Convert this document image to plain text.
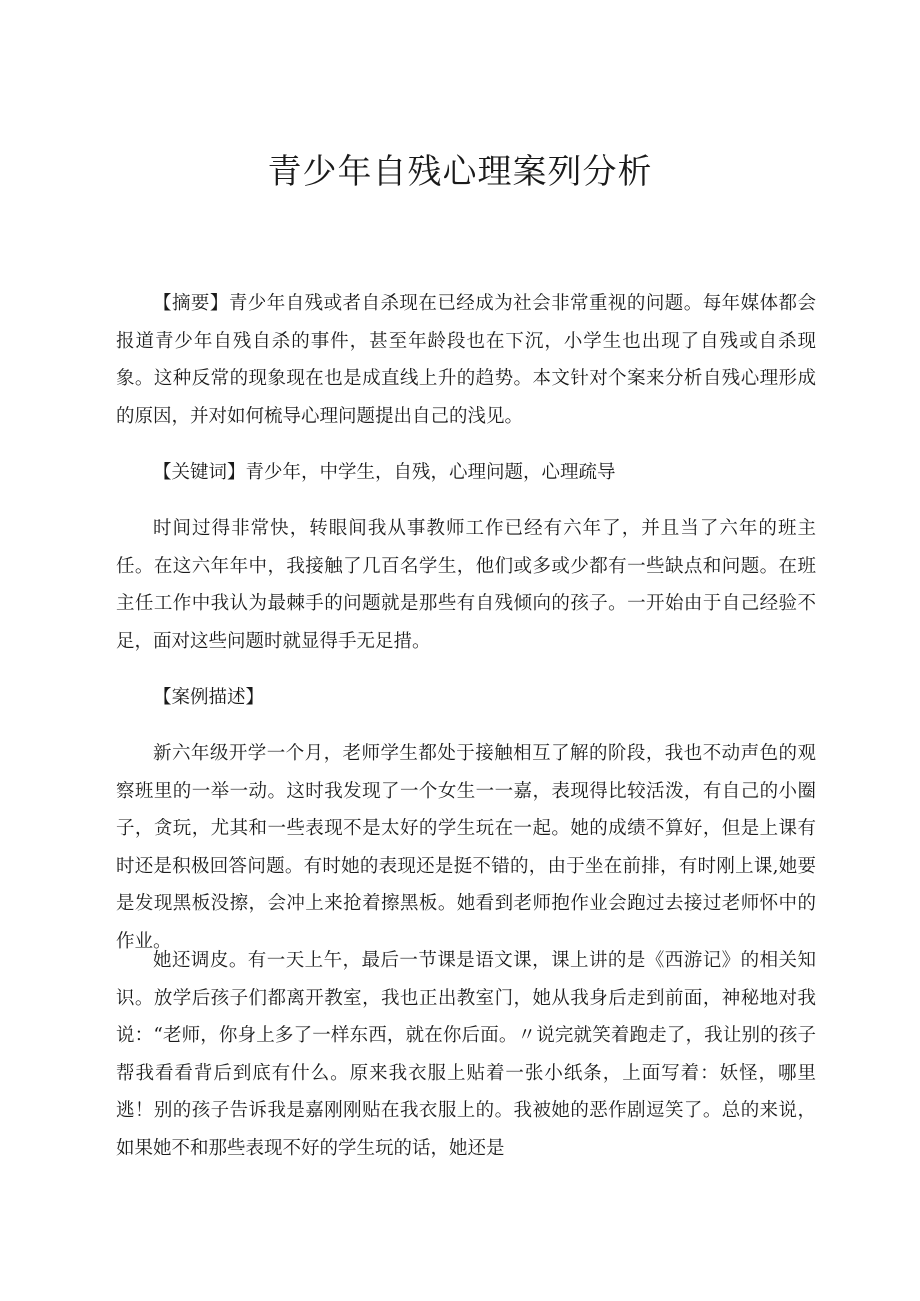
青少年自残心理案列分析

【摘要】青少年自残或者自杀现在已经成为社会非常重视的问题。每年媒体都会报道青少年自残自杀的事件，甚至年龄段也在下沉，小学生也出现了自残或自杀现象。这种反常的现象现在也是成直线上升的趋势。本文针对个案来分析自残心理形成的原因，并对如何梳导心理问题提出自己的浅见。

【关键词】青少年，中学生，自残，心理问题，心理疏导

时间过得非常快，转眼间我从事教师工作已经有六年了，并且当了六年的班主任。在这六年年中，我接触了几百名学生，他们或多或少都有一些缺点和问题。在班主任工作中我认为最棘手的问题就是那些有自残倾向的孩子。一开始由于自己经验不足，面对这些问题时就显得手无足措。

【案例描述】

新六年级开学一个月，老师学生都处于接触相互了解的阶段，我也不动声色的观察班里的一举一动。这时我发现了一个女生一一嘉，表现得比较活泼，有自己的小圈子，贪玩，尤其和一些表现不是太好的学生玩在一起。她的成绩不算好，但是上课有时还是积极回答问题。有时她的表现还是挺不错的，由于坐在前排，有时刚上课,她要是发现黑板没擦，会冲上来抢着擦黑板。她看到老师抱作业会跑过去接过老师怀中的作业。

她还调皮。有一天上午，最后一节课是语文课，课上讲的是《西游记》的相关知识。放学后孩子们都离开教室，我也正出教室门，她从我身后走到前面，神秘地对我说：“老师，你身上多了一样东西，就在你后面。〃说完就笑着跑走了，我让别的孩子帮我看看背后到底有什么。原来我衣服上贴着一张小纸条，上面写着：妖怪，哪里逃！别的孩子告诉我是嘉刚刚贴在我衣服上的。我被她的恶作剧逗笑了。总的来说，如果她不和那些表现不好的学生玩的话，她还是
